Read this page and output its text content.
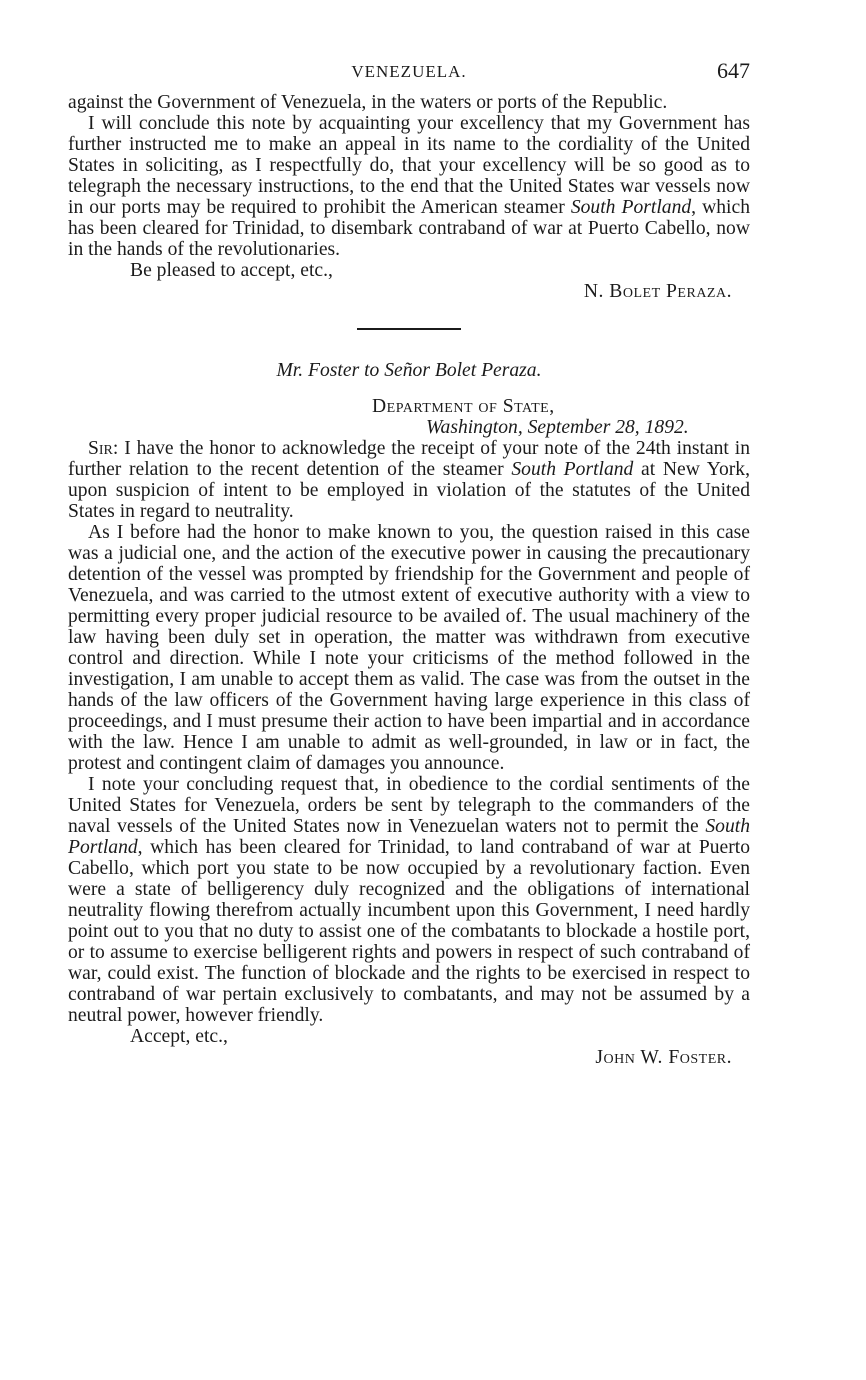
VENEZUELA.	647

against the Government of Venezuela, in the waters or ports of the Republic.

I will conclude this note by acquainting your excellency that my Government has further instructed me to make an appeal in its name to the cordiality of the United States in soliciting, as I respectfully do, that your excellency will be so good as to telegraph the necessary instructions, to the end that the United States war vessels now in our ports may be required to prohibit the American steamer South Portland, which has been cleared for Trinidad, to disembark contraband of war at Puerto Cabello, now in the hands of the revolutionaries.

Be pleased to accept, etc.,

N. Bolet Peraza.
Mr. Foster to Señor Bolet Peraza.
Department of State,
Washington, September 28, 1892.

Sir: I have the honor to acknowledge the receipt of your note of the 24th instant in further relation to the recent detention of the steamer South Portland at New York, upon suspicion of intent to be employed in violation of the statutes of the United States in regard to neutrality.

As I before had the honor to make known to you, the question raised in this case was a judicial one, and the action of the executive power in causing the precautionary detention of the vessel was prompted by friendship for the Government and people of Venezuela, and was carried to the utmost extent of executive authority with a view to permitting every proper judicial resource to be availed of. The usual machinery of the law having been duly set in operation, the matter was withdrawn from executive control and direction. While I note your criticisms of the method followed in the investigation, I am unable to accept them as valid. The case was from the outset in the hands of the law officers of the Government having large experience in this class of proceedings, and I must presume their action to have been impartial and in accordance with the law. Hence I am unable to admit as well-grounded, in law or in fact, the protest and contingent claim of damages you announce.

I note your concluding request that, in obedience to the cordial sentiments of the United States for Venezuela, orders be sent by telegraph to the commanders of the naval vessels of the United States now in Venezuelan waters not to permit the South Portland, which has been cleared for Trinidad, to land contraband of war at Puerto Cabello, which port you state to be now occupied by a revolutionary faction. Even were a state of belligerency duly recognized and the obligations of international neutrality flowing therefrom actually incumbent upon this Government, I need hardly point out to you that no duty to assist one of the combatants to blockade a hostile port, or to assume to exercise belligerent rights and powers in respect of such contraband of war, could exist. The function of blockade and the rights to be exercised in respect to contraband of war pertain exclusively to combatants, and may not be assumed by a neutral power, however friendly.

Accept, etc.,

John W. Foster.
